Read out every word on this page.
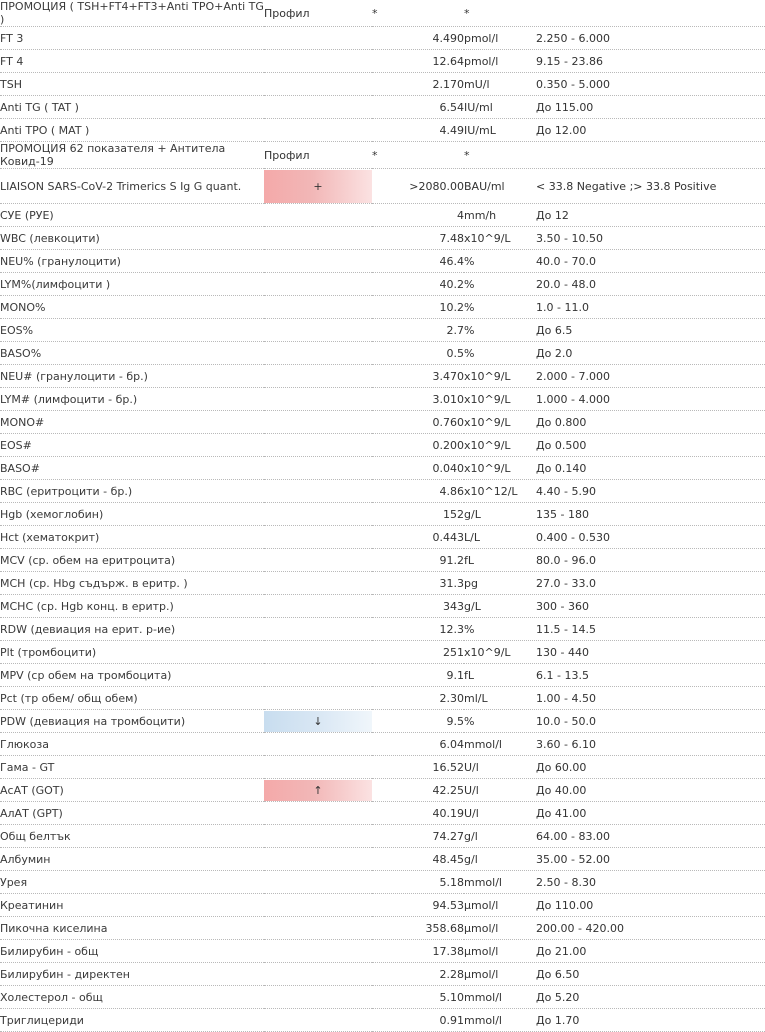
ПРОМОЦИЯ ( TSH+FT4+FT3+Anti TPO+Anti TG )	Профил	*	*
FT 3		4.490	pmol/l 2.250 - 6.000
FT 4		12.64	pmol/l 9.15 - 23.86
TSH		2.170	mU/l 0.350 - 5.000
Anti TG ( TAT )		6.54	IU/ml До 115.00
Anti TPO ( MAT )		4.49	IU/mL До 12.00
ПРОМОЦИЯ 62 показателя + Антитела Ковид-19	Профил	*	*
LIAISON SARS-CoV-2 Trimerics S Ig G quant.	+	>2080.00	BAU/ml < 33.8 Negative ;> 33.8 Positive
СУЕ (РУЕ)		4	mm/h До 12
WBC (левкоцити)		7.48	x10^9/L 3.50 - 10.50
NEU% (гранулоцити)		46.4	% 40.0 - 70.0
LYM%(лимфоцити )		40.2	% 20.0 - 48.0
MONO%		10.2	% 1.0 - 11.0
EOS%		2.7	% До 6.5
BASO%		0.5	% До 2.0
NEU# (гранулоцити - бр.)		3.470	x10^9/L 2.000 - 7.000
LYM# (лимфоцити - бр.)		3.010	x10^9/L 1.000 - 4.000
MONO#		0.760	x10^9/L До 0.800
EOS#		0.200	x10^9/L До 0.500
BASO#		0.040	x10^9/L До 0.140
RBC (еритроцити - бр.)		4.86	x10^12/L 4.40 - 5.90
Hgb (хемоглобин)		152	g/L 135 - 180
Hct (хематокрит)		0.443	L/L 0.400 - 0.530
MCV (ср. обем на еритроцита)		91.2	fL 80.0 - 96.0
MCH (ср. Hbg съдърж. в еритр. )		31.3	pg 27.0 - 33.0
MCHC (ср. Hgb конц. в еритр.)		343	g/L 300 - 360
RDW (девиация на ерит. р-ие)		12.3	% 11.5 - 14.5
Plt (тромбоцити)		251	x10^9/L 130 - 440
MPV (ср обем на тромбоцита)		9.1	fL 6.1 - 13.5
Pct (тр обем/ общ обем)		2.30	ml/L 1.00 - 4.50
PDW (девиация на тромбоцити)	↓	9.5	% 10.0 - 50.0
Глюкоза		6.04	mmol/l 3.60 - 6.10
Гама - GT		16.52	U/l До 60.00
АсАТ (GOT)	↑	42.25	U/l До 40.00
АлАТ (GPT)		40.19	U/l До 41.00
Общ белтък		74.27	g/l 64.00 - 83.00
Албумин		48.45	g/l 35.00 - 52.00
Урея		5.18	mmol/l 2.50 - 8.30
Креатинин		94.53	µmol/l До 110.00
Пикочна киселина		358.68	µmol/l 200.00 - 420.00
Билирубин - общ		17.38	µmol/l До 21.00
Билирубин - директен		2.28	µmol/l До 6.50
Холестерол - общ		5.10	mmol/l До 5.20
Триглицериди		0.91	mmol/l До 1.70
